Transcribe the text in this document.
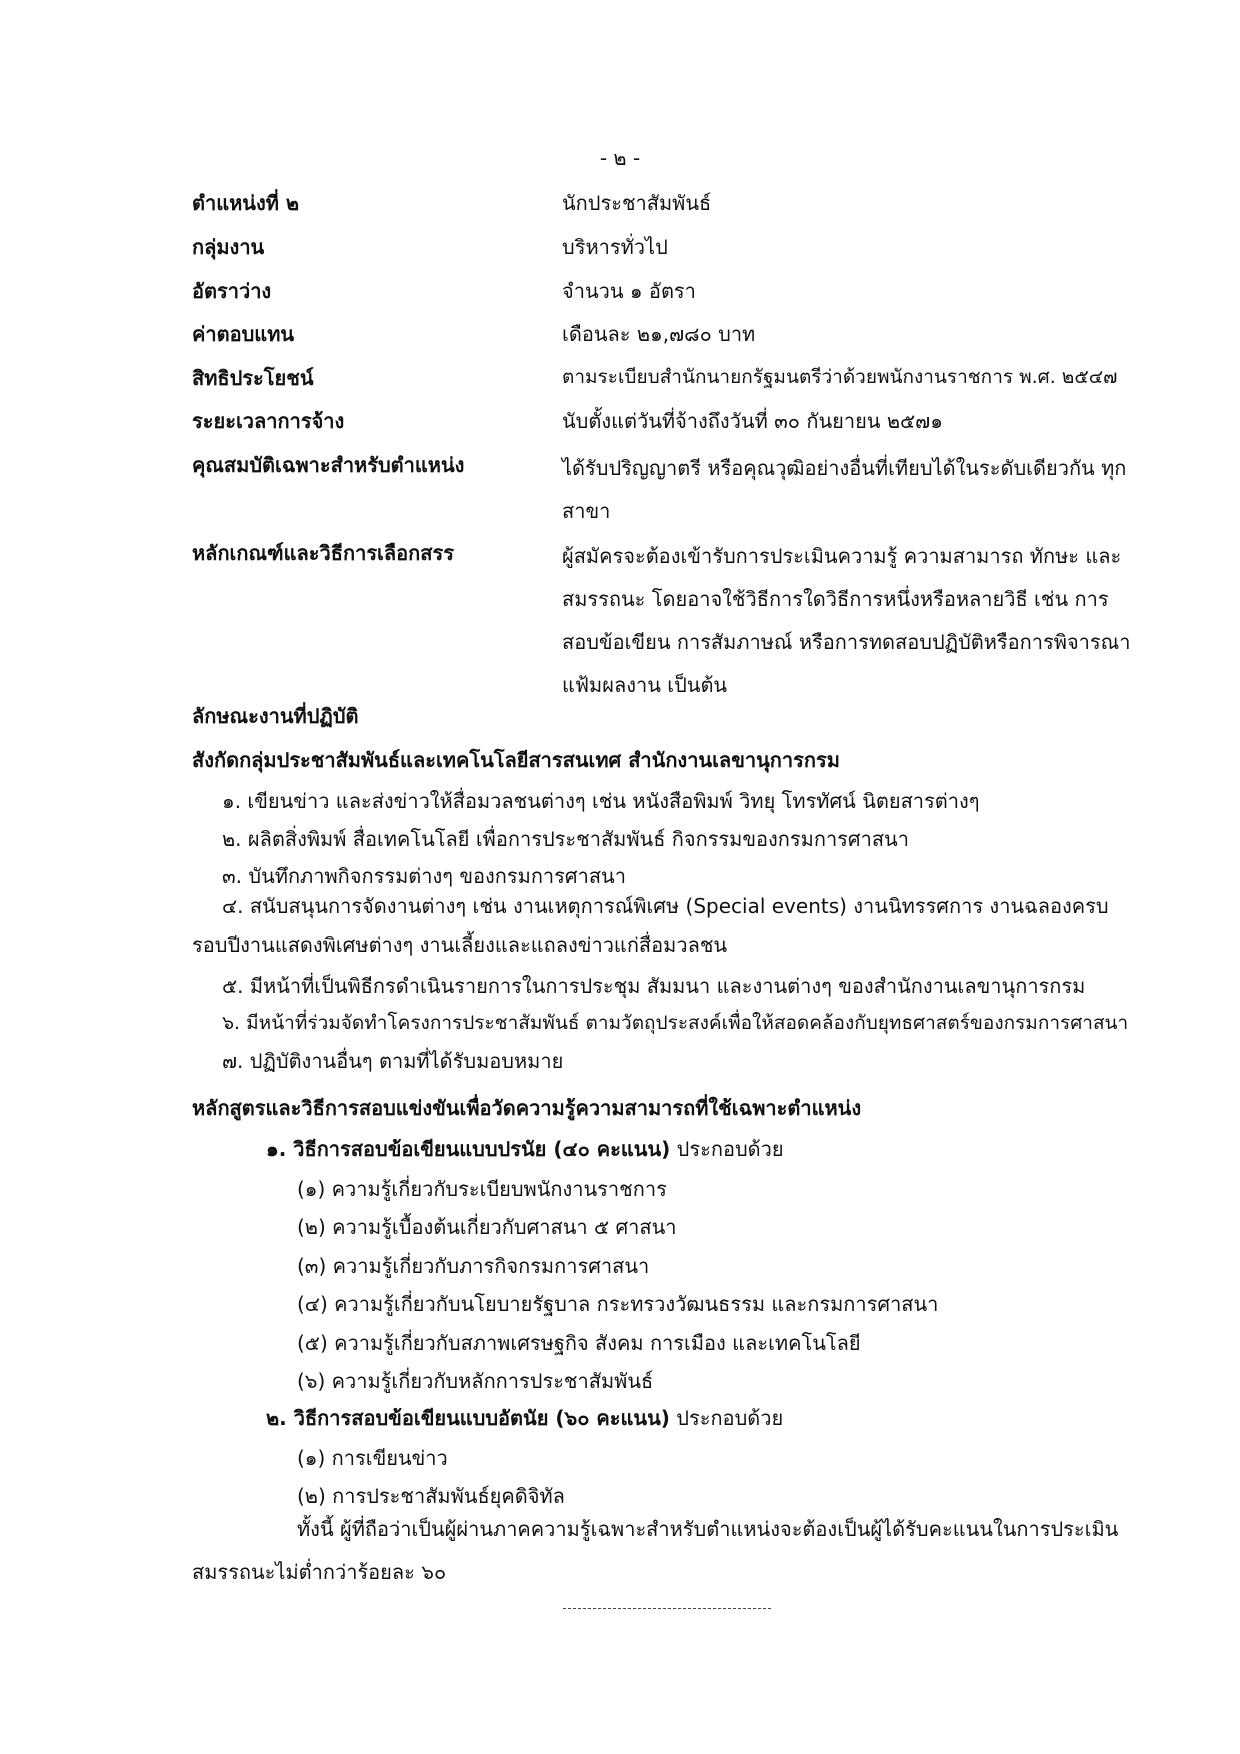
- ๒ -
ตำแหน่งที่ ๒	นักประชาสัมพันธ์
กลุ่มงาน	บริหารทั่วไป
อัตราว่าง	จำนวน ๑ อัตรา
ค่าตอบแทน	เดือนละ ๒๑,๗๘๐ บาท
สิทธิประโยชน์	ตามระเบียบสำนักนายกรัฐมนตรีว่าด้วยพนักงานราชการ พ.ศ. ๒๕๔๗
ระยะเวลาการจ้าง	นับตั้งแต่วันที่จ้างถึงวันที่ ๓๐ กันยายน ๒๕๗๑
คุณสมบัติเฉพาะสำหรับตำแหน่ง	ได้รับปริญญาตรี หรือคุณวุฒิอย่างอื่นที่เทียบได้ในระดับเดียวกัน ทุกสาขา
หลักเกณฑ์และวิธีการเลือกสรร	ผู้สมัครจะต้องเข้ารับการประเมินความรู้ ความสามารถ ทักษะ และสมรรถนะ โดยอาจใช้วิธีการใดวิธีการหนึ่งหรือหลายวิธี เช่น การสอบข้อเขียน การสัมภาษณ์ หรือการทดสอบปฏิบัติหรือการพิจารณาแฟ้มผลงาน เป็นต้น
ลักษณะงานที่ปฏิบัติ
สังกัดกลุ่มประชาสัมพันธ์และเทคโนโลยีสารสนเทศ สำนักงานเลขานุการกรม
๑. เขียนข่าว และส่งข่าวให้สื่อมวลชนต่างๆ เช่น หนังสือพิมพ์ วิทยุ โทรทัศน์ นิตยสารต่างๆ
๒. ผลิตสิ่งพิมพ์ สื่อเทคโนโลยี เพื่อการประชาสัมพันธ์ กิจกรรมของกรมการศาสนา
๓. บันทึกภาพกิจกรรมต่างๆ ของกรมการศาสนา
๔. สนับสนุนการจัดงานต่างๆ เช่น งานเหตุการณ์พิเศษ (Special events) งานนิทรรศการ งานฉลองครบรอบปีงานแสดงพิเศษต่างๆ งานเลี้ยงและแถลงข่าวแก่สื่อมวลชน
๕. มีหน้าที่เป็นพิธีกรดำเนินรายการในการประชุม สัมมนา และงานต่างๆ ของสำนักงานเลขานุการกรม
๖. มีหน้าที่ร่วมจัดทำโครงการประชาสัมพันธ์ ตามวัตถุประสงค์เพื่อให้สอดคล้องกับยุทธศาสตร์ของกรมการศาสนา
๗. ปฏิบัติงานอื่นๆ ตามที่ได้รับมอบหมาย
หลักสูตรและวิธีการสอบแข่งขันเพื่อวัดความรู้ความสามารถที่ใช้เฉพาะตำแหน่ง
๑. วิธีการสอบข้อเขียนแบบปรนัย (๔๐ คะแนน) ประกอบด้วย
(๑) ความรู้เกี่ยวกับระเบียบพนักงานราชการ
(๒) ความรู้เบื้องต้นเกี่ยวกับศาสนา ๕ ศาสนา
(๓) ความรู้เกี่ยวกับภารกิจกรมการศาสนา
(๔) ความรู้เกี่ยวกับนโยบายรัฐบาล กระทรวงวัฒนธรรม และกรมการศาสนา
(๕) ความรู้เกี่ยวกับสภาพเศรษฐกิจ สังคม การเมือง และเทคโนโลยี
(๖) ความรู้เกี่ยวกับหลักการประชาสัมพันธ์
๒. วิธีการสอบข้อเขียนแบบอัตนัย (๖๐ คะแนน) ประกอบด้วย
(๑) การเขียนข่าว
(๒) การประชาสัมพันธ์ยุคดิจิทัล
ทั้งนี้ ผู้ที่ถือว่าเป็นผู้ผ่านภาคความรู้เฉพาะสำหรับตำแหน่งจะต้องเป็นผู้ได้รับคะแนนในการประเมินสมรรถนะไม่ต่ำกว่าร้อยละ ๖๐
